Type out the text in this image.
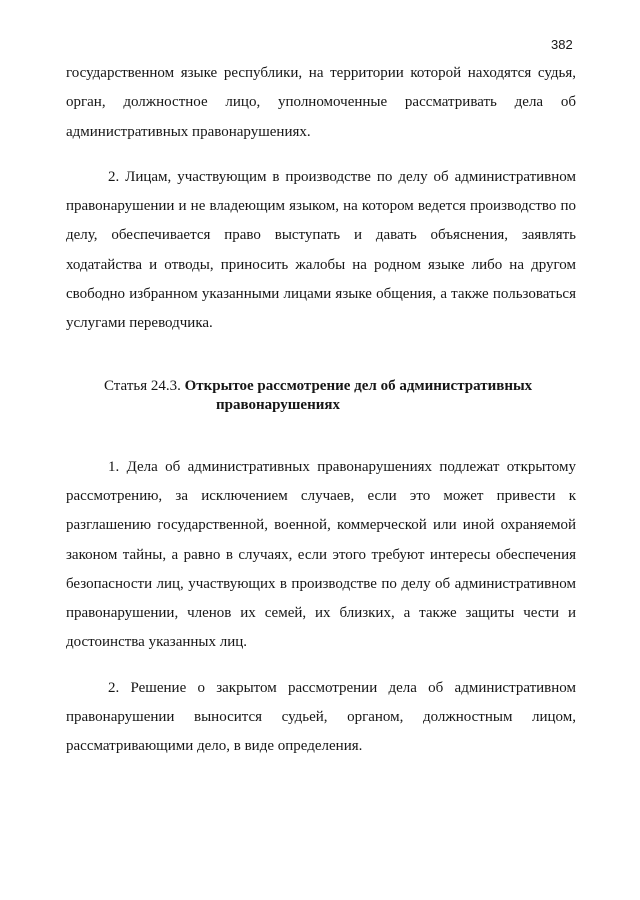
382

государственном языке республики, на территории которой находятся судья, орган, должностное лицо, уполномоченные рассматривать дела об административных правонарушениях.

2. Лицам, участвующим в производстве по делу об административном правонарушении и не владеющим языком, на котором ведется производство по делу, обеспечивается право выступать и давать объяснения, заявлять ходатайства и отводы, приносить жалобы на родном языке либо на другом свободно избранном указанными лицами языке общения, а также пользоваться услугами переводчика.

Статья 24.3. Открытое рассмотрение дел об административных
правонарушениях

1. Дела об административных правонарушениях подлежат открытому рассмотрению, за исключением случаев, если это может привести к разглашению государственной, военной, коммерческой или иной охраняемой законом тайны, а равно в случаях, если этого требуют интересы обеспечения безопасности лиц, участвующих в производстве по делу об административном правонарушении, членов их семей, их близких, а также защиты чести и достоинства указанных лиц.

2. Решение о закрытом рассмотрении дела об административном правонарушении выносится судьей, органом, должностным лицом, рассматривающими дело, в виде определения.
